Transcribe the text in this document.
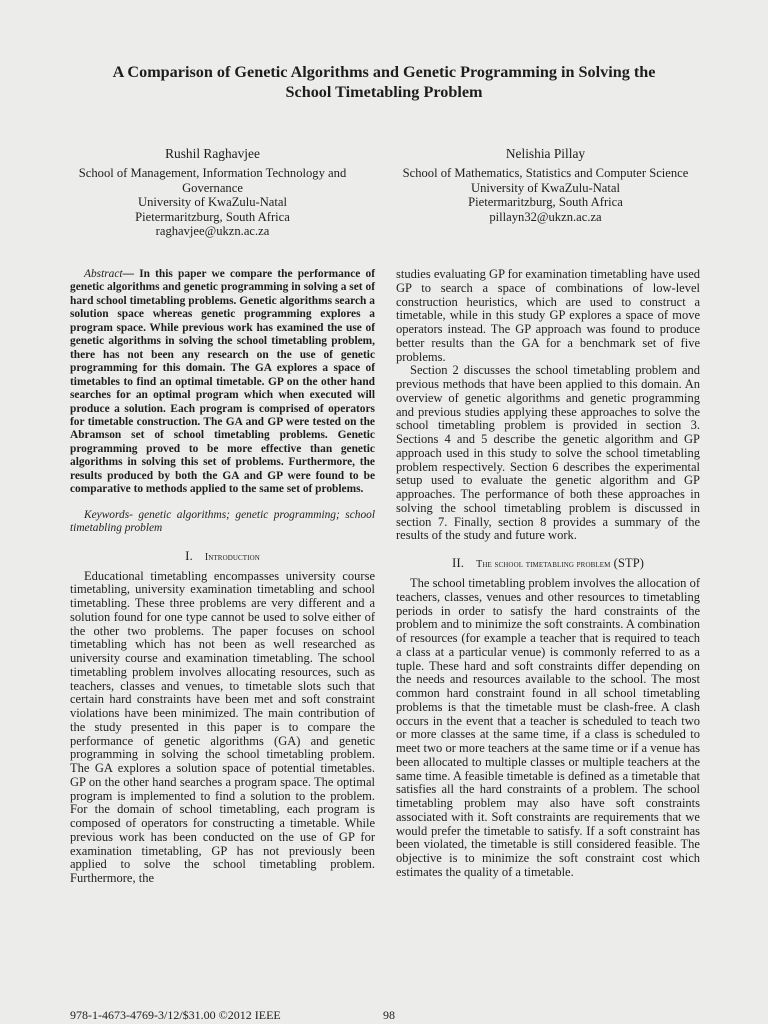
A Comparison of Genetic Algorithms and Genetic Programming in Solving the
School Timetabling Problem
Rushil Raghavjee
School of Management, Information Technology and Governance
University of KwaZulu-Natal
Pietermaritzburg, South Africa
raghavjee@ukzn.ac.za
Nelishia Pillay
School of Mathematics, Statistics and Computer Science
University of KwaZulu-Natal
Pietermaritzburg, South Africa
pillayn32@ukzn.ac.za

Abstract— In this paper we compare the performance of genetic algorithms and genetic programming in solving a set of hard school timetabling problems. Genetic algorithms search a solution space whereas genetic programming explores a program space. While previous work has examined the use of genetic algorithms in solving the school timetabling problem, there has not been any research on the use of genetic programming for this domain. The GA explores a space of timetables to find an optimal timetable. GP on the other hand searches for an optimal program which when executed will produce a solution. Each program is comprised of operators for timetable construction. The GA and GP were tested on the Abramson set of school timetabling problems. Genetic programming proved to be more effective than genetic algorithms in solving this set of problems. Furthermore, the results produced by both the GA and GP were found to be comparative to methods applied to the same set of problems.

Keywords- genetic algorithms; genetic programming; school timetabling problem

I. Introduction

Educational timetabling encompasses university course timetabling, university examination timetabling and school timetabling. These three problems are very different and a solution found for one type cannot be used to solve either of the other two problems. The paper focuses on school timetabling which has not been as well researched as university course and examination timetabling. The school timetabling problem involves allocating resources, such as teachers, classes and venues, to timetable slots such that certain hard constraints have been met and soft constraint violations have been minimized. The main contribution of the study presented in this paper is to compare the performance of genetic algorithms (GA) and genetic programming in solving the school timetabling problem. The GA explores a solution space of potential timetables. GP on the other hand searches a program space. The optimal program is implemented to find a solution to the problem. For the domain of school timetabling, each program is composed of operators for constructing a timetable. While previous work has been conducted on the use of GP for examination timetabling, GP has not previously been applied to solve the school timetabling problem. Furthermore, the

studies evaluating GP for examination timetabling have used GP to search a space of combinations of low-level construction heuristics, which are used to construct a timetable, while in this study GP explores a space of move operators instead. The GP approach was found to produce better results than the GA for a benchmark set of five problems.

Section 2 discusses the school timetabling problem and previous methods that have been applied to this domain. An overview of genetic algorithms and genetic programming and previous studies applying these approaches to solve the school timetabling problem is provided in section 3. Sections 4 and 5 describe the genetic algorithm and GP approach used in this study to solve the school timetabling problem respectively. Section 6 describes the experimental setup used to evaluate the genetic algorithm and GP approaches. The performance of both these approaches in solving the school timetabling problem is discussed in section 7. Finally, section 8 provides a summary of the results of the study and future work.

II. The school timetabling problem (STP)

The school timetabling problem involves the allocation of teachers, classes, venues and other resources to timetabling periods in order to satisfy the hard constraints of the problem and to minimize the soft constraints. A combination of resources (for example a teacher that is required to teach a class at a particular venue) is commonly referred to as a tuple. These hard and soft constraints differ depending on the needs and resources available to the school. The most common hard constraint found in all school timetabling problems is that the timetable must be clash-free. A clash occurs in the event that a teacher is scheduled to teach two or more classes at the same time, if a class is scheduled to meet two or more teachers at the same time or if a venue has been allocated to multiple classes or multiple teachers at the same time. A feasible timetable is defined as a timetable that satisfies all the hard constraints of a problem. The school timetabling problem may also have soft constraints associated with it. Soft constraints are requirements that we would prefer the timetable to satisfy. If a soft constraint has been violated, the timetable is still considered feasible. The objective is to minimize the soft constraint cost which estimates the quality of a timetable.

978-1-4673-4769-3/12/$31.00 ©2012 IEEE	98
